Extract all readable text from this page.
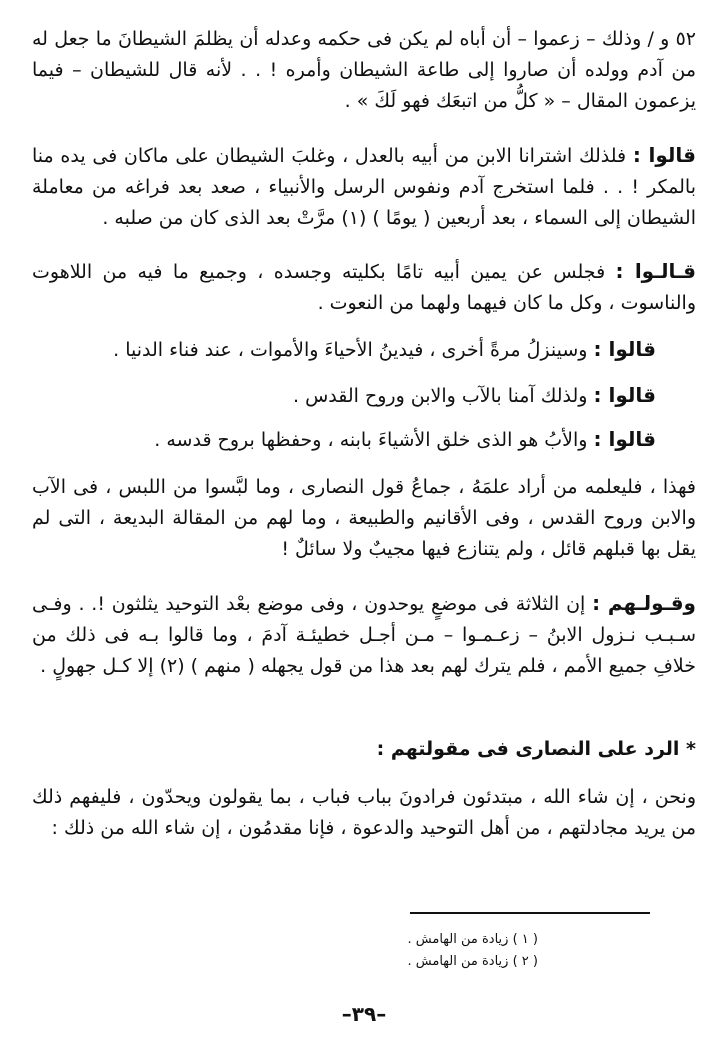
٥٢ و / وذلك – زعموا – أن أباه لم يكن فى حكمه وعدله أن يظلمَ الشيطانَ ما جعل له من آدم وولده أن صاروا إلى طاعة الشيطان وأمره ! . . لأنه قال للشيطان – فيما يزعمون المقال – « كلُّ من اتبعَك فهو لَكَ » .

قالوا : فلذلك اشترانا الابن من أبيه بالعدل ، وغلبَ الشيطان على ماكان فى يده منا بالمكر ! . . فلما استخرج آدم ونفوس الرسل والأنبياء ، صعد بعد فراغه من معاملة الشيطان إلى السماء ، بعد أربعين ( يومًا ) (١) مرَّتْ بعد الذى كان من صلبه .

قـالـوا : فجلس عن يمين أبيه تامًا بكليته وجسده ، وجميع ما فيه من اللاهوت والناسوت ، وكل ما كان فيهما ولهما من النعوت .

قالوا : وسينزلُ مرةً أخرى ، فيدينُ الأحياءَ والأموات ، عند فناء الدنيا .

قالوا : ولذلك آمنا بالآب والابن وروح القدس .

قالوا : والأبُ هو الذى خلق الأشياءَ بابنه ، وحفظها بروح قدسه .

فهذا ، فليعلمه من أراد علمَهُ ، جماعُ قول النصارى ، وما لبَّسوا من اللبس ، فى الآب والابن وروح القدس ، وفى الأقانيم والطبيعة ، وما لهم من المقالة البديعة ، التى لم يقل بها قبلهم قائل ، ولم يتنازع فيها مجيبٌ ولا سائلٌ !

وقـولـهم : إن الثلاثة فى موضعٍ يوحدون ، وفى موضع بعْد التوحيد يثلثون !. . وفـى سـبـب نـزول الابنُ – زعـمـوا – مـن أجـل خطيئـة آدمَ ، وما قالوا بـه فى ذلك من خلافِ جميع الأمم ، فلم يترك لهم بعد هذا من قول يجهله ( منهم ) (٢) إلا كـل جهولٍ .

* الرد على النصارى فى مقولتهم :

ونحن ، إن شاء الله ، مبتدئون فرادونَ بباب فباب ، بما يقولون ويحدّون ، فليفهم ذلك من يريد مجادلتهم ، من أهل التوحيد والدعوة ، فإنا مقدمُون ، إن شاء الله من ذلك :

( ١ ) زيادة من الهامش .
( ٢ ) زيادة من الهامش .
–٣٩–
